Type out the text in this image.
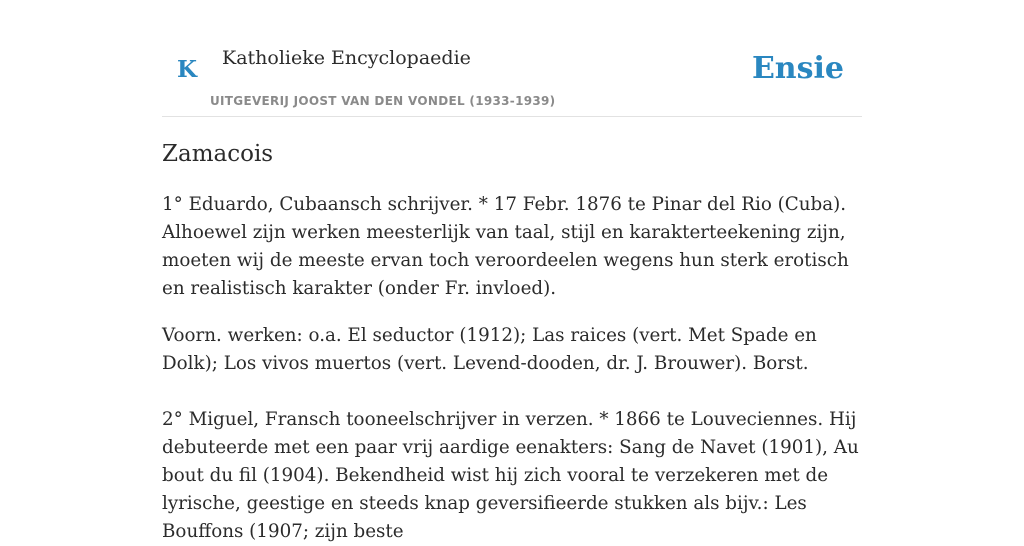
K Katholieke Encyclopaedie
UITGEVERIJ JOOST VAN DEN VONDEL (1933-1939)
Ensie
Zamacois

1° Eduardo, Cubaansch schrijver. * 17 Febr. 1876 te Pinar del Rio (Cuba). Alhoewel zijn werken meesterlijk van taal, stijl en karakterteekening zijn, moeten wij de meeste ervan toch veroordeelen wegens hun sterk erotisch en realistisch karakter (onder Fr. invloed).

Voorn. werken: o.a. El seductor (1912); Las raices (vert. Met Spade en Dolk); Los vivos muertos (vert. Levend-dooden, dr. J. Brouwer). Borst.

2° Miguel, Fransch tooneelschrijver in verzen. * 1866 te Louveciennes. Hij debuteerde met een paar vrij aardige eenakters: Sang de Navet (1901), Au bout du fil (1904). Bekendheid wist hij zich vooral te verzekeren met de lyrische, geestige en steeds knap geversifieerde stukken als bijv.: Les Bouffons (1907; zijn beste
